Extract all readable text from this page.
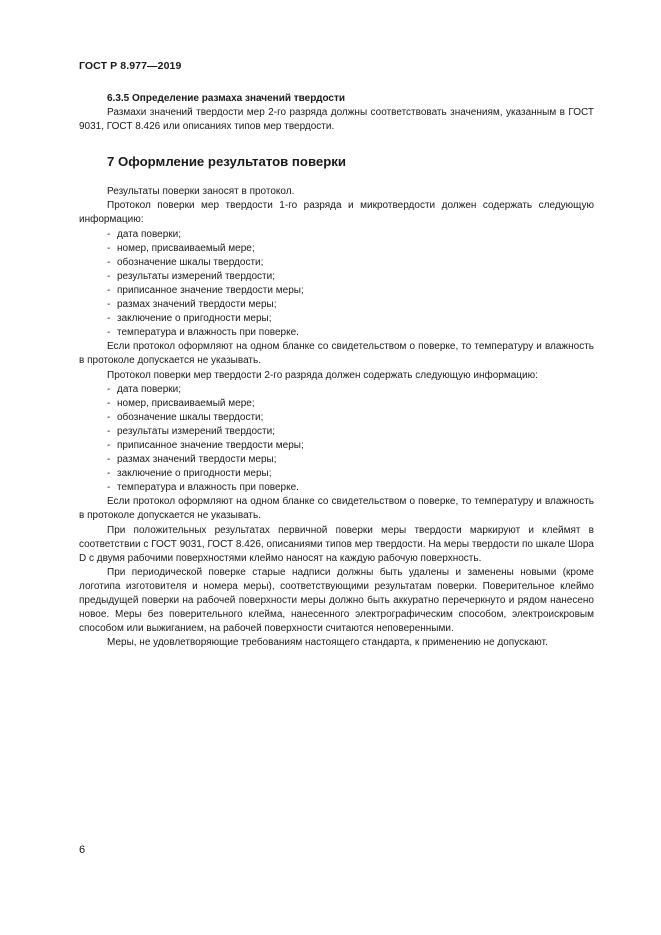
ГОСТ Р 8.977—2019

6.3.5 Определение размаха значений твердости

Размахи значений твердости мер 2-го разряда должны соответствовать значениям, указанным в ГОСТ 9031, ГОСТ 8.426 или описаниях типов мер твердости.

7 Оформление результатов поверки

Результаты поверки заносят в протокол.

Протокол поверки мер твердости 1-го разряда и микротвердости должен содержать следующую информацию:

- дата поверки;
- номер, присваиваемый мере;
- обозначение шкалы твердости;
- результаты измерений твердости;
- приписанное значение твердости меры;
- размах значений твердости меры;
- заключение о пригодности меры;
- температура и влажность при поверке.

Если протокол оформляют на одном бланке со свидетельством о поверке, то температуру и влажность в протоколе допускается не указывать.

Протокол поверки мер твердости 2-го разряда должен содержать следующую информацию:

- дата поверки;
- номер, присваиваемый мере;
- обозначение шкалы твердости;
- результаты измерений твердости;
- приписанное значение твердости меры;
- размах значений твердости меры;
- заключение о пригодности меры;
- температура и влажность при поверке.

Если протокол оформляют на одном бланке со свидетельством о поверке, то температуру и влажность в протоколе допускается не указывать.

При положительных результатах первичной поверки меры твердости маркируют и клеймят в соответствии с ГОСТ 9031, ГОСТ 8.426, описаниями типов мер твердости. На меры твердости по шкале Шора D с двумя рабочими поверхностями клеймо наносят на каждую рабочую поверхность.

При периодической поверке старые надписи должны быть удалены и заменены новыми (кроме логотипа изготовителя и номера меры), соответствующими результатам поверки. Поверительное клеймо предыдущей поверки на рабочей поверхности меры должно быть аккуратно перечеркнуто и рядом нанесено новое. Меры без поверительного клейма, нанесенного электрографическим способом, электроискровым способом или выжиганием, на рабочей поверхности считаются неповеренными.

Меры, не удовлетворяющие требованиям настоящего стандарта, к применению не допускают.

6
